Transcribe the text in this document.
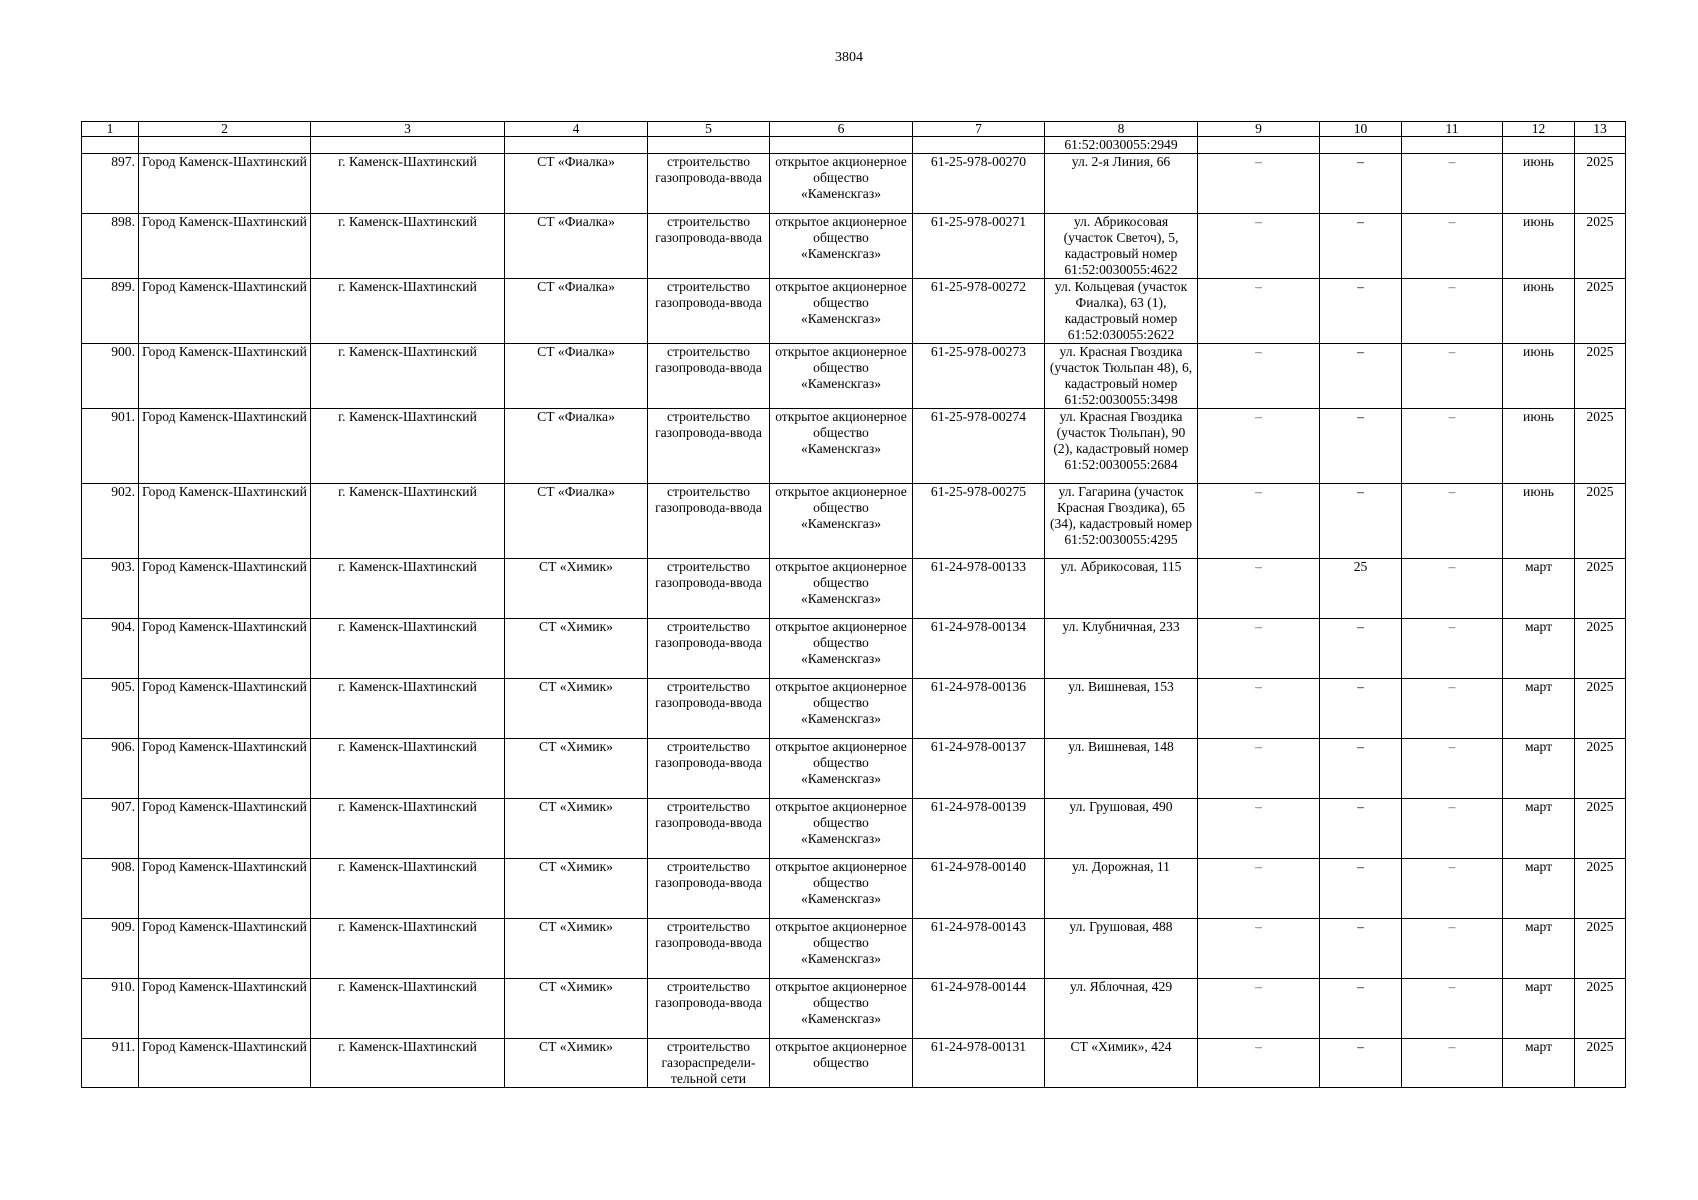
3804
1	2	3	4	5	6	7	8	9	10	11	12	13
							61:52:0030055:2949					
897.	Город Каменск-Шахтинский	г. Каменск-Шахтинский	СТ «Фиалка»	строительство газопровода-ввода	открытое акционерное общество «Каменскгаз»	61-25-978-00270	ул. 2-я Линия, 66	–	–	–	июнь	2025
898.	Город Каменск-Шахтинский	г. Каменск-Шахтинский	СТ «Фиалка»	строительство газопровода-ввода	открытое акционерное общество «Каменскгаз»	61-25-978-00271	ул. Абрикосовая (участок Светоч), 5, кадастровый номер 61:52:0030055:4622	–	–	–	июнь	2025
899.	Город Каменск-Шахтинский	г. Каменск-Шахтинский	СТ «Фиалка»	строительство газопровода-ввода	открытое акционерное общество «Каменскгаз»	61-25-978-00272	ул. Кольцевая (участок Фиалка), 63 (1), кадастровый номер 61:52:030055:2622	–	–	–	июнь	2025
900.	Город Каменск-Шахтинский	г. Каменск-Шахтинский	СТ «Фиалка»	строительство газопровода-ввода	открытое акционерное общество «Каменскгаз»	61-25-978-00273	ул. Красная Гвоздика (участок Тюльпан 48), 6, кадастровый номер 61:52:0030055:3498	–	–	–	июнь	2025
901.	Город Каменск-Шахтинский	г. Каменск-Шахтинский	СТ «Фиалка»	строительство газопровода-ввода	открытое акционерное общество «Каменскгаз»	61-25-978-00274	ул. Красная Гвоздика (участок Тюльпан), 90 (2), кадастровый номер 61:52:0030055:2684	–	–	–	июнь	2025
902.	Город Каменск-Шахтинский	г. Каменск-Шахтинский	СТ «Фиалка»	строительство газопровода-ввода	открытое акционерное общество «Каменскгаз»	61-25-978-00275	ул. Гагарина (участок Красная Гвоздика), 65 (34), кадастровый номер 61:52:0030055:4295	–	–	–	июнь	2025
903.	Город Каменск-Шахтинский	г. Каменск-Шахтинский	СТ «Химик»	строительство газопровода-ввода	открытое акционерное общество «Каменскгаз»	61-24-978-00133	ул. Абрикосовая, 115	–	25	–	март	2025
904.	Город Каменск-Шахтинский	г. Каменск-Шахтинский	СТ «Химик»	строительство газопровода-ввода	открытое акционерное общество «Каменскгаз»	61-24-978-00134	ул. Клубничная, 233	–	–	–	март	2025
905.	Город Каменск-Шахтинский	г. Каменск-Шахтинский	СТ «Химик»	строительство газопровода-ввода	открытое акционерное общество «Каменскгаз»	61-24-978-00136	ул. Вишневая, 153	–	–	–	март	2025
906.	Город Каменск-Шахтинский	г. Каменск-Шахтинский	СТ «Химик»	строительство газопровода-ввода	открытое акционерное общество «Каменскгаз»	61-24-978-00137	ул. Вишневая, 148	–	–	–	март	2025
907.	Город Каменск-Шахтинский	г. Каменск-Шахтинский	СТ «Химик»	строительство газопровода-ввода	открытое акционерное общество «Каменскгаз»	61-24-978-00139	ул. Грушовая, 490	–	–	–	март	2025
908.	Город Каменск-Шахтинский	г. Каменск-Шахтинский	СТ «Химик»	строительство газопровода-ввода	открытое акционерное общество «Каменскгаз»	61-24-978-00140	ул. Дорожная, 11	–	–	–	март	2025
909.	Город Каменск-Шахтинский	г. Каменск-Шахтинский	СТ «Химик»	строительство газопровода-ввода	открытое акционерное общество «Каменскгаз»	61-24-978-00143	ул. Грушовая, 488	–	–	–	март	2025
910.	Город Каменск-Шахтинский	г. Каменск-Шахтинский	СТ «Химик»	строительство газопровода-ввода	открытое акционерное общество «Каменскгаз»	61-24-978-00144	ул. Яблочная, 429	–	–	–	март	2025
911.	Город Каменск-Шахтинский	г. Каменск-Шахтинский	СТ «Химик»	строительство газораспредели-тельной сети	открытое акционерное общество	61-24-978-00131	СТ «Химик», 424	–	–	–	март	2025
